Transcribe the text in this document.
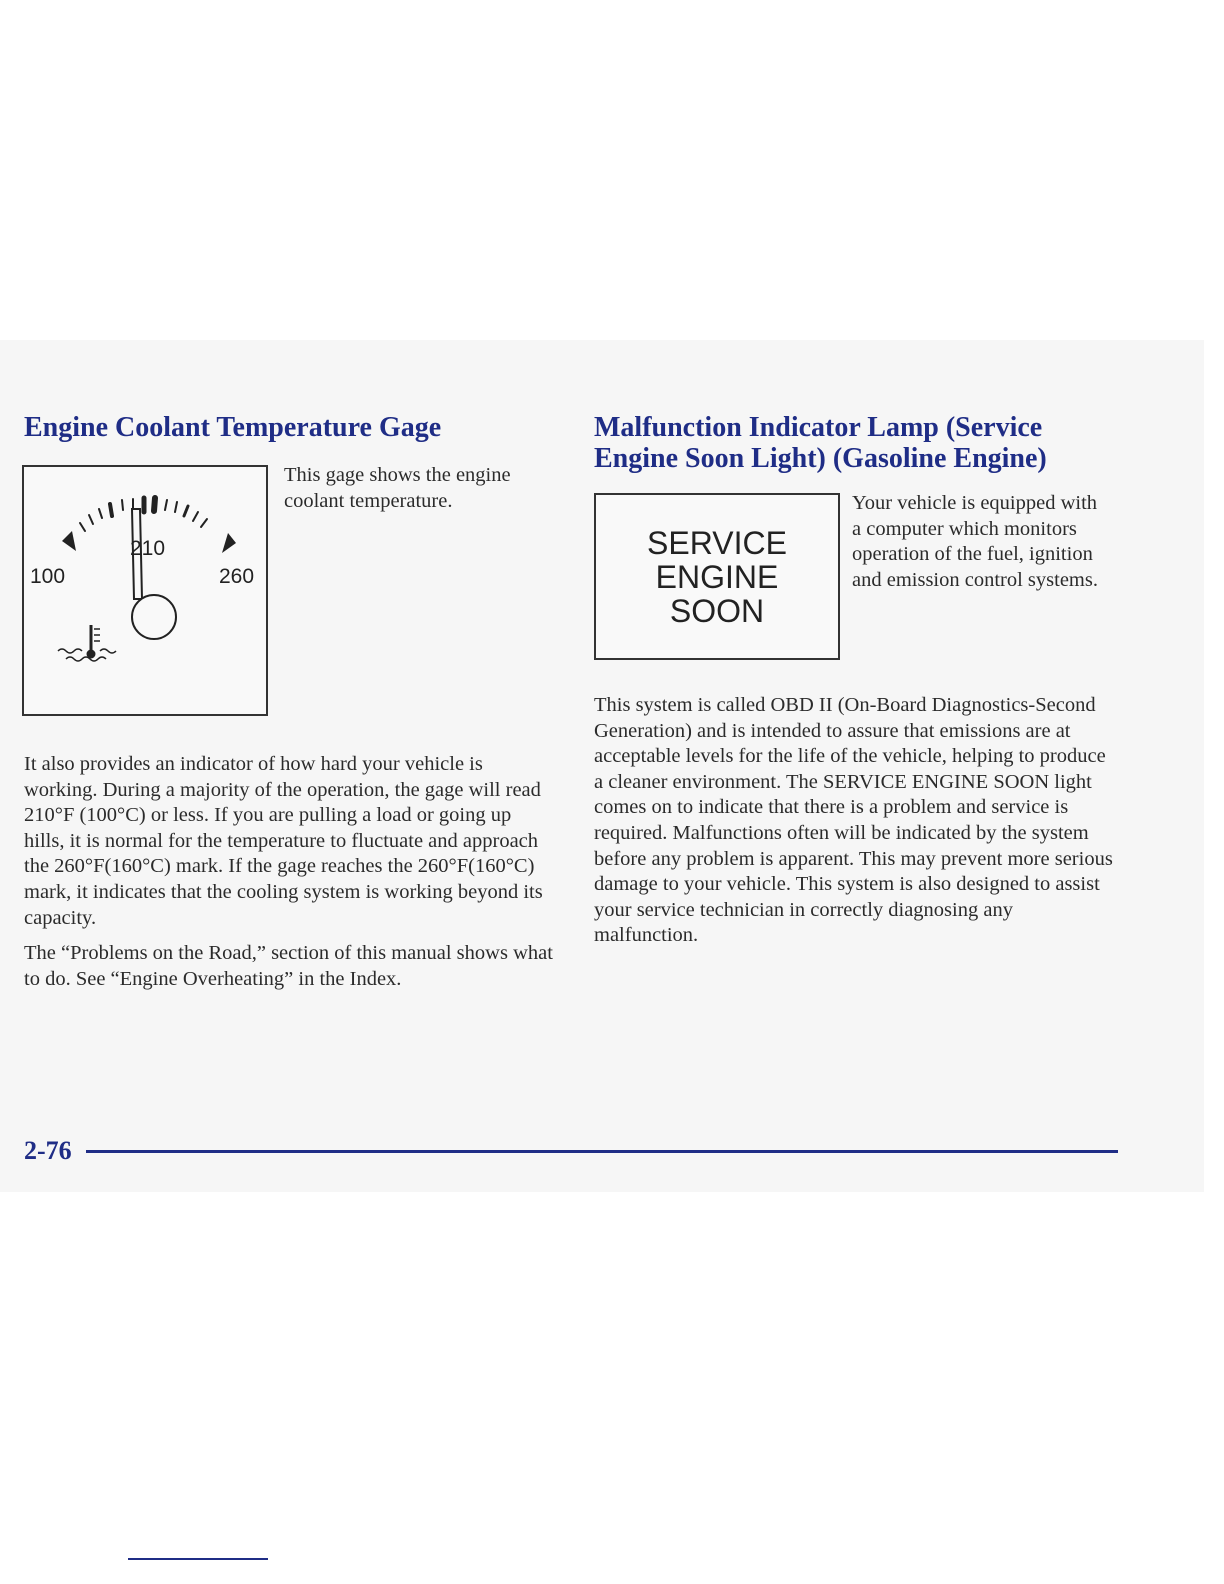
Engine Coolant Temperature Gage
100
210
260

This gage shows the engine coolant temperature.

It also provides an indicator of how hard your vehicle is working. During a majority of the operation, the gage will read 210°F (100°C) or less. If you are pulling a load or going up hills, it is normal for the temperature to fluctuate and approach the 260°F(160°C) mark. If the gage reaches the 260°F(160°C) mark, it indicates that the cooling system is working beyond its capacity.

The “Problems on the Road,” section of this manual shows what to do. See “Engine Overheating” in the Index.

Malfunction Indicator Lamp (Service Engine Soon Light) (Gasoline Engine)
SERVICE
ENGINE
SOON

Your vehicle is equipped with a computer which monitors operation of the fuel, ignition and emission control systems.

This system is called OBD II (On-Board Diagnostics-Second Generation) and is intended to assure that emissions are at acceptable levels for the life of the vehicle, helping to produce a cleaner environment. The SERVICE ENGINE SOON light comes on to indicate that there is a problem and service is required. Malfunctions often will be indicated by the system before any problem is apparent. This may prevent more serious damage to your vehicle. This system is also designed to assist your service technician in correctly diagnosing any malfunction.

2-76
